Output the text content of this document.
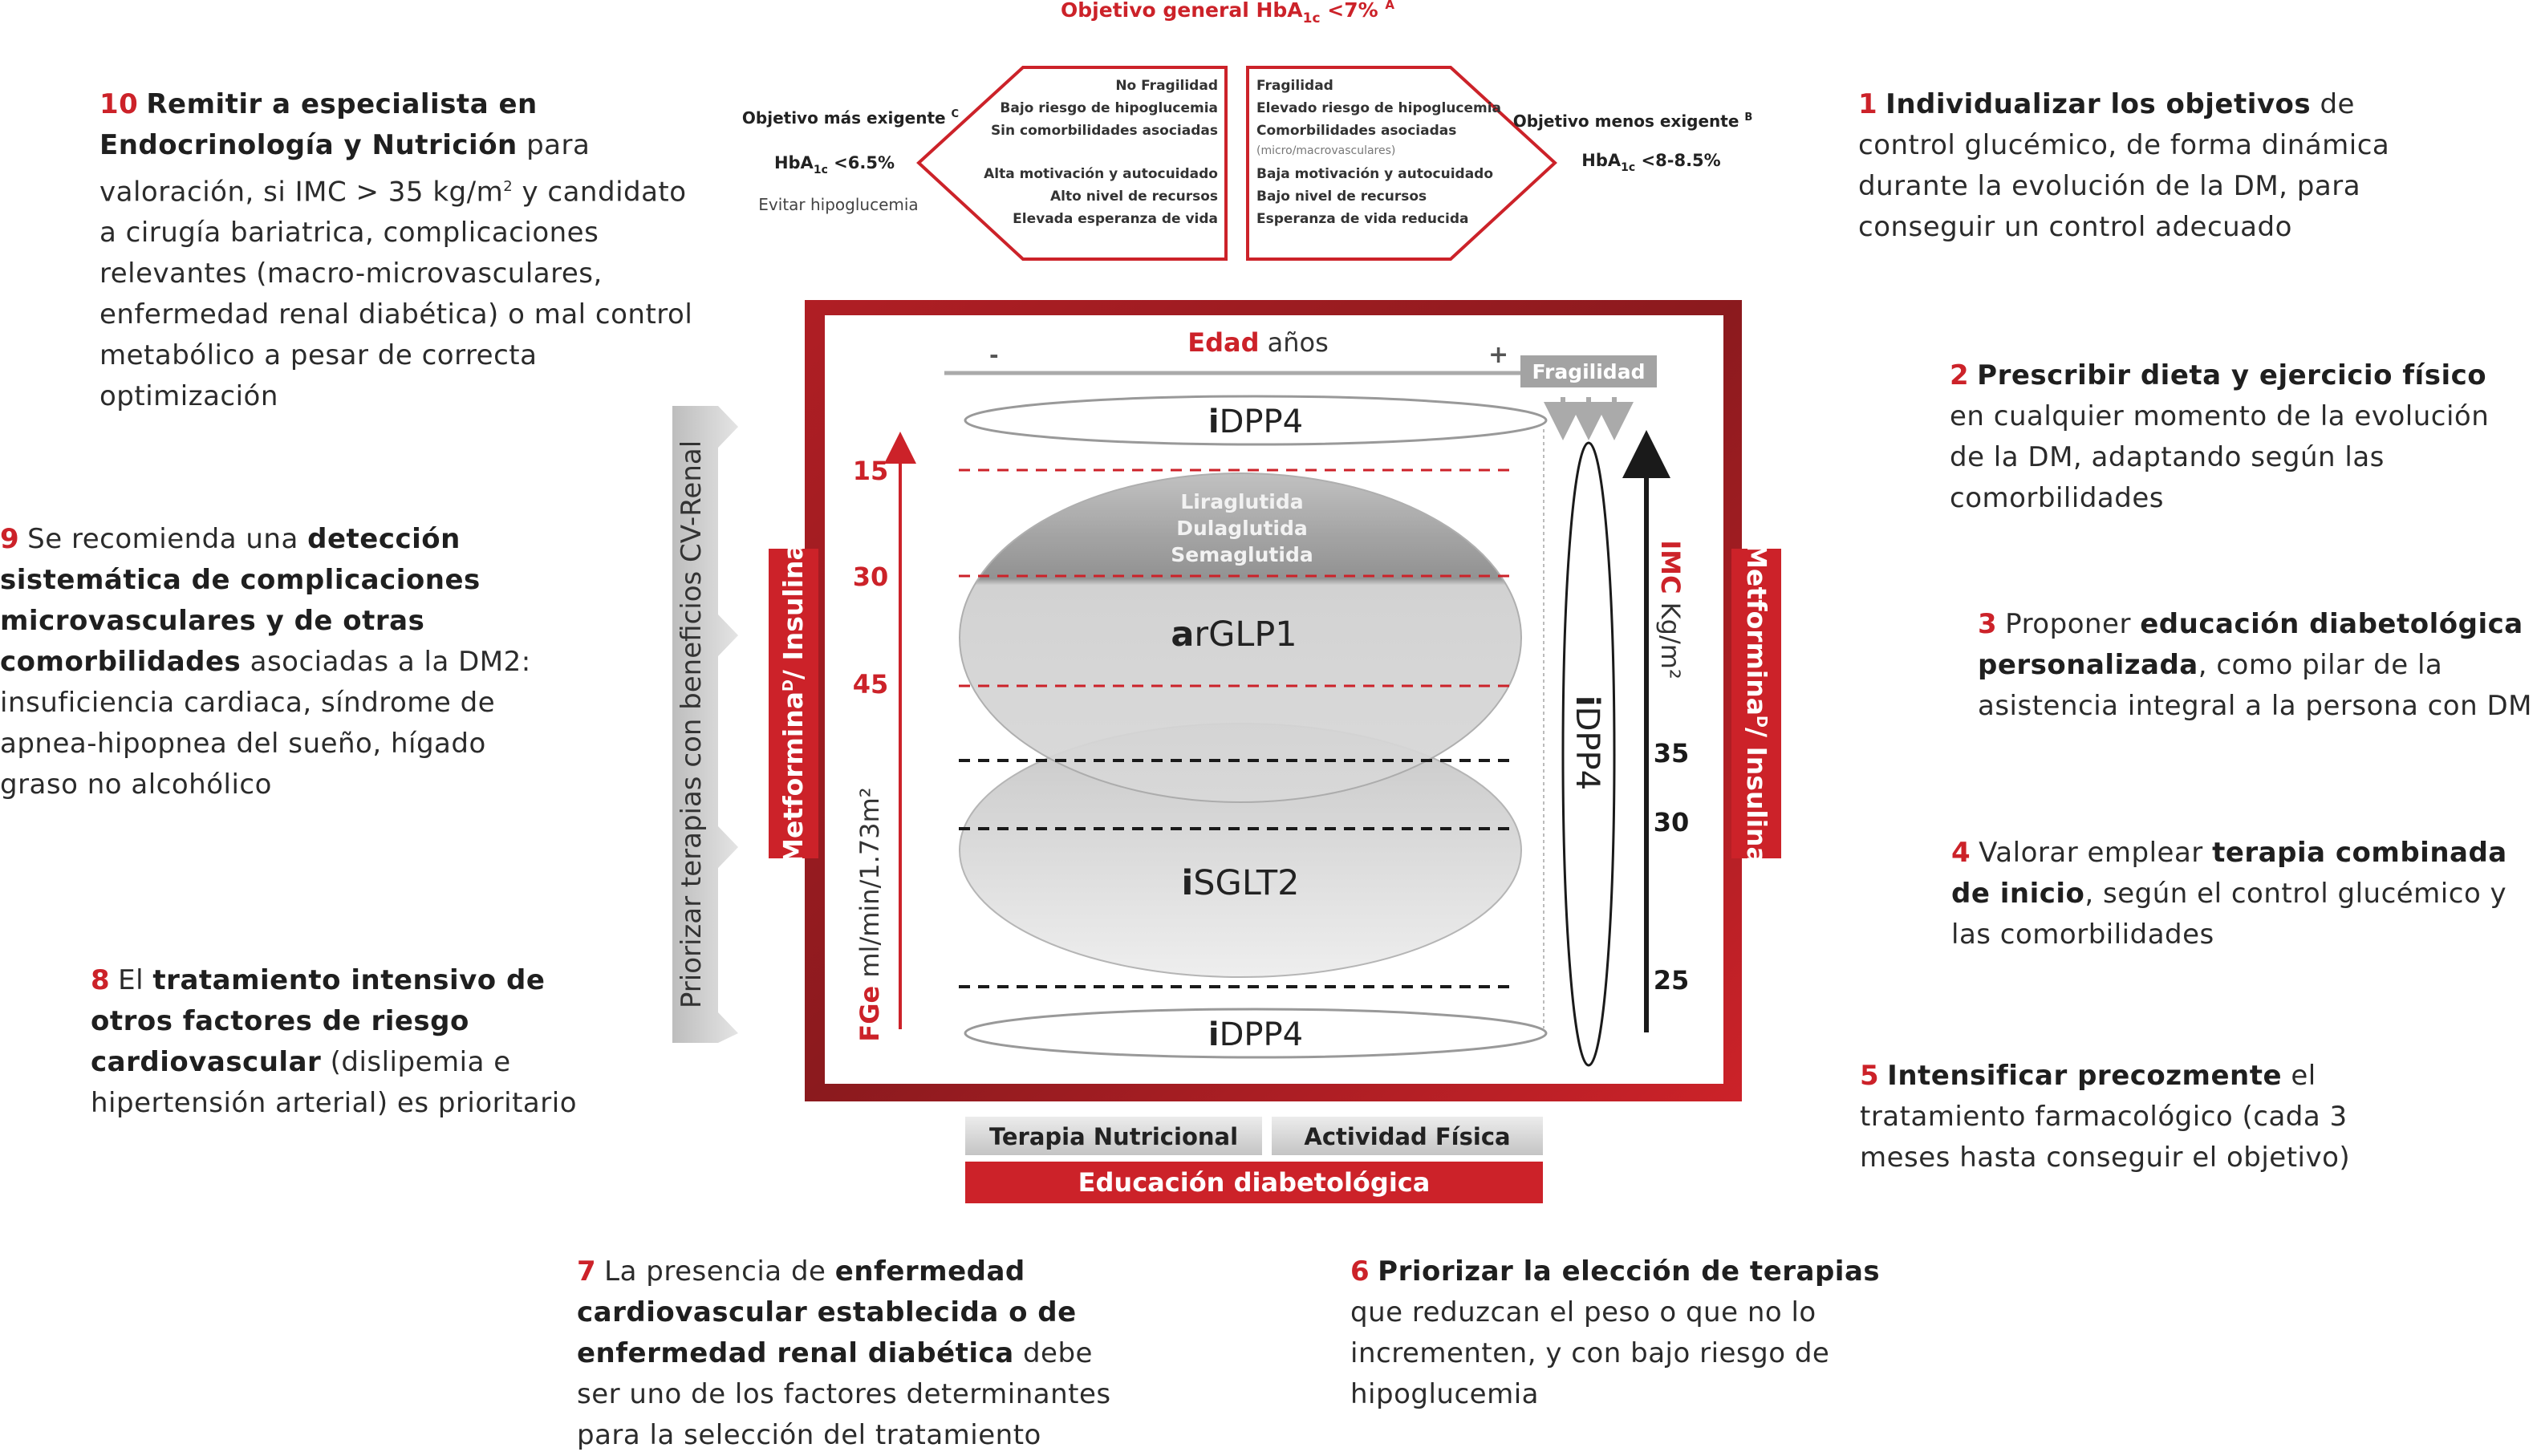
Objetivo general HbA$_{1c}$ <7% $^A$
Objetivo más exigente $^C$
HbA$_{1c}$ <6.5%
Evitar hipoglucemia
No Fragilidad
Bajo riesgo de hipoglucemia
Sin comorbilidades asociadas
Alta motivación y autocuidado
Alto nivel de recursos
Elevada esperanza de vida
Fragilidad
Elevado riesgo de hipoglucemia
Comorbilidades asociadas
(micro/macrovasculares)
Baja motivación y autocuidado
Bajo nivel de recursos
Esperanza de vida reducida
Objetivo menos exigente $^B$
HbA$_{1c}$ <8-8.5%
Metformina$^D$/ Insulina	Metformina$^D$/ Insulina
Priorizar terapias con beneficios CV-Renal
Edad años
-	+
Fragilidad
iDPP4
Liraglutida
Dulaglutida
Semaglutida
arGLP1
iSGLT2
iDPP4
15
30
45
FGe ml/min/1.73m²
iDPP4
IMC Kg/m²
35
30
25
Terapia Nutricional	Actividad Física
Educación diabetológica
10 Remitir a especialista en Endocrinología y Nutrición para valoración, si IMC > 35 $kg/m^2$ y candidato a cirugía bariatrica, complicaciones relevantes (macro-microvasculares, enfermedad renal diabética) o mal control metabólico a pesar de correcta optimización
9 Se recomienda una detección sistemática de complicaciones microvasculares y de otras comorbilidades asociadas a la DM2: insuficiencia cardiaca, síndrome de apnea-hipopnea del sueño, hígado graso no alcohólico
8 El tratamiento intensivo de otros factores de riesgo cardiovascular (dislipemia e hipertensión arterial) es prioritario
7 La presencia de enfermedad cardiovascular establecida o de enfermedad renal diabética debe ser uno de los factores determinantes para la selección del tratamiento
6 Priorizar la elección de terapias que reduzcan el peso o que no lo incrementen, y con bajo riesgo de hipoglucemia
5 Intensificar precozmente el tratamiento farmacológico (cada 3 meses hasta conseguir el objetivo)
4 Valorar emplear terapia combinada de inicio, según el control glucémico y las comorbilidades
3 Proponer educación diabetológica personalizada, como pilar de la asistencia integral a la persona con DM
2 Prescribir dieta y ejercicio físico en cualquier momento de la evolución de la DM, adaptando según las comorbilidades
1 Individualizar los objetivos de control glucémico, de forma dinámica durante la evolución de la DM, para conseguir un control adecuado
